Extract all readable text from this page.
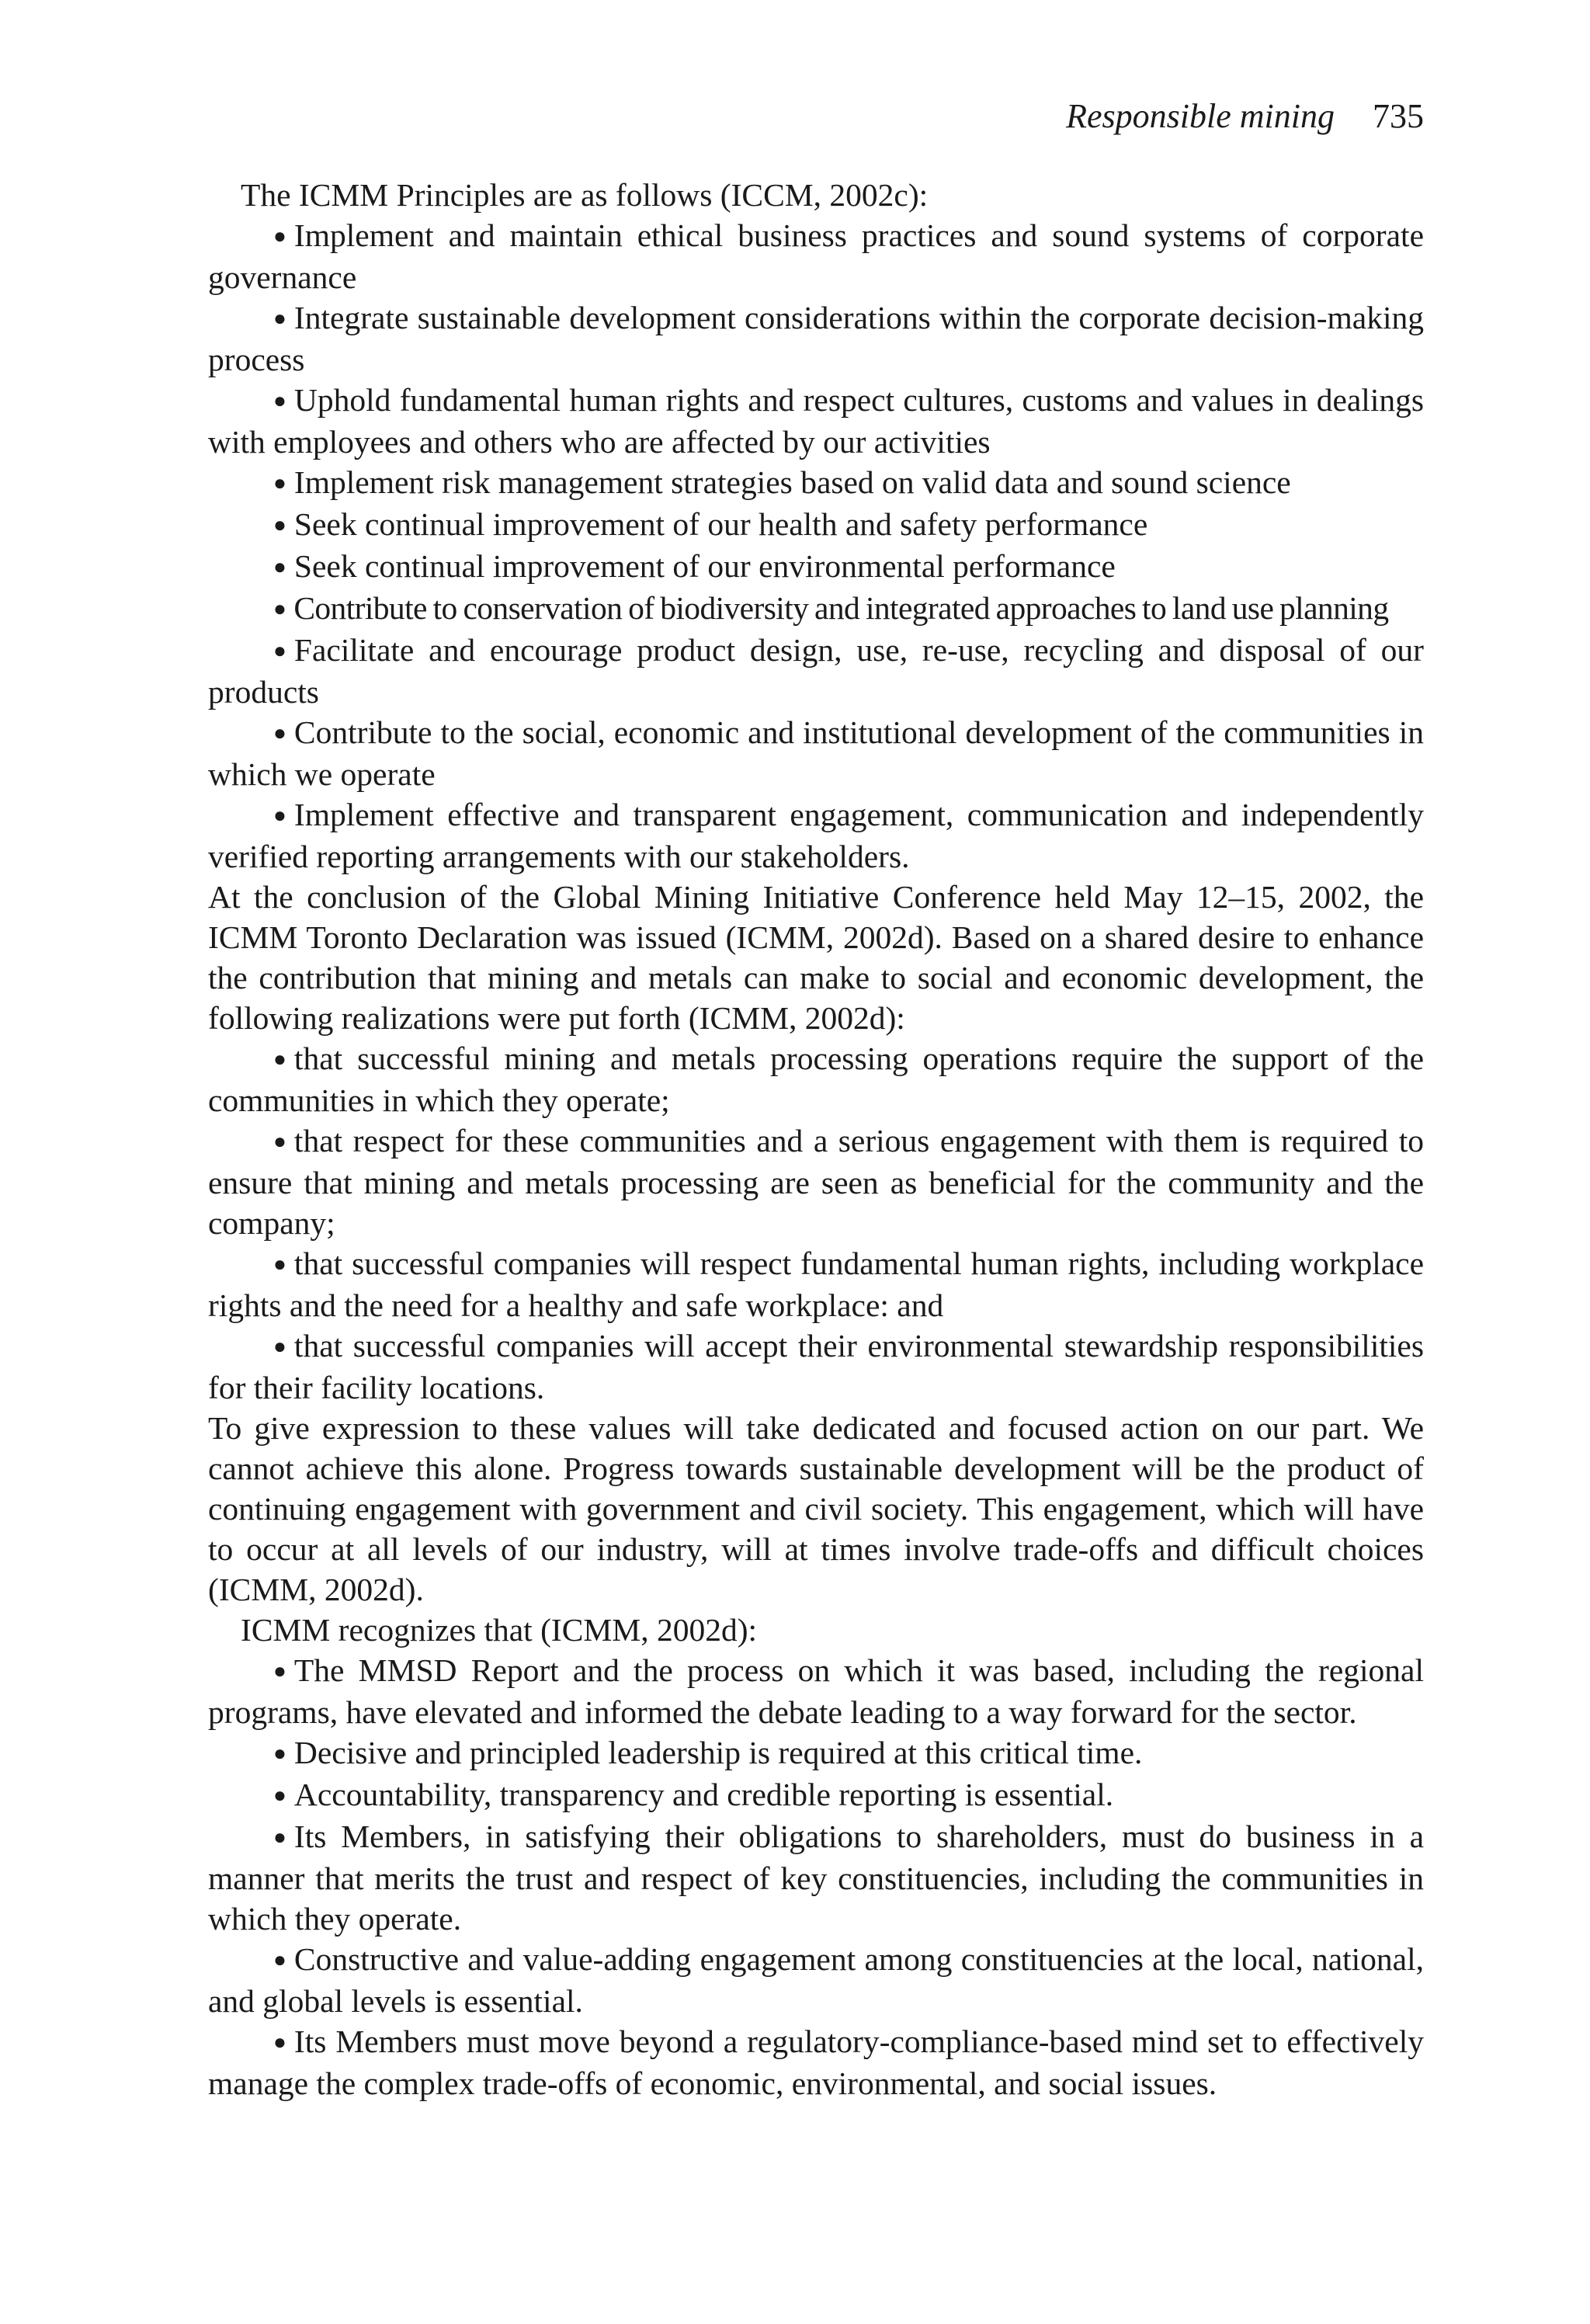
Responsible mining 735

The ICMM Principles are as follows (ICCM, 2002c):

● Implement and maintain ethical business practices and sound systems of corporate governance

● Integrate sustainable development considerations within the corporate decision-making process

● Uphold fundamental human rights and respect cultures, customs and values in dealings with employees and others who are affected by our activities

● Implement risk management strategies based on valid data and sound science

● Seek continual improvement of our health and safety performance

● Seek continual improvement of our environmental performance

● Contribute to conservation of biodiversity and integrated approaches to land use planning

● Facilitate and encourage product design, use, re-use, recycling and disposal of our products

● Contribute to the social, economic and institutional development of the communities in which we operate

● Implement effective and transparent engagement, communication and independently verified reporting arrangements with our stakeholders.

At the conclusion of the Global Mining Initiative Conference held May 12–15, 2002, the ICMM Toronto Declaration was issued (ICMM, 2002d). Based on a shared desire to enhance the contribution that mining and metals can make to social and economic development, the following realizations were put forth (ICMM, 2002d):

● that successful mining and metals processing operations require the support of the communities in which they operate;

● that respect for these communities and a serious engagement with them is required to ensure that mining and metals processing are seen as beneficial for the community and the company;

● that successful companies will respect fundamental human rights, including workplace rights and the need for a healthy and safe workplace: and

● that successful companies will accept their environmental stewardship responsibilities for their facility locations.

To give expression to these values will take dedicated and focused action on our part. We cannot achieve this alone. Progress towards sustainable development will be the product of continuing engagement with government and civil society. This engagement, which will have to occur at all levels of our industry, will at times involve trade-offs and difficult choices (ICMM, 2002d).

ICMM recognizes that (ICMM, 2002d):

● The MMSD Report and the process on which it was based, including the regional programs, have elevated and informed the debate leading to a way forward for the sector.

● Decisive and principled leadership is required at this critical time.

● Accountability, transparency and credible reporting is essential.

● Its Members, in satisfying their obligations to shareholders, must do business in a manner that merits the trust and respect of key constituencies, including the communities in which they operate.

● Constructive and value-adding engagement among constituencies at the local, national, and global levels is essential.

● Its Members must move beyond a regulatory-compliance-based mind set to effectively manage the complex trade-offs of economic, environmental, and social issues.
